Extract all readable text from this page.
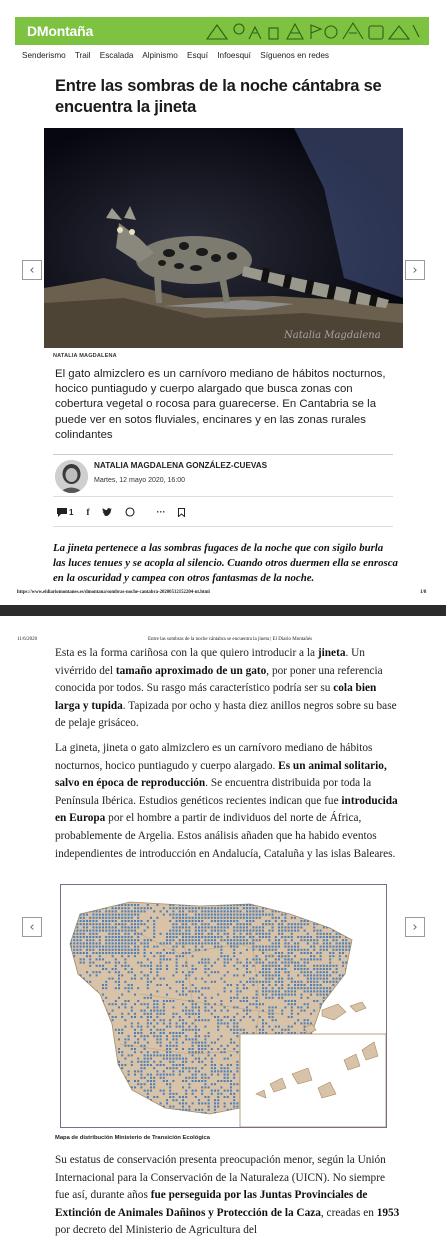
DMontaña
Senderismo Trail Escalada Alpinismo Esquí Infoesquí Síguenos en redes
Entre las sombras de la noche cántabra se encuentra la jineta
Natalia Magdalena
‹	›
NATALIA MAGDALENA

El gato almizclero es un carnívoro mediano de hábitos nocturnos, hocico puntiagudo y cuerpo alargado que busca zonas con cobertura vegetal o rocosa para guarecerse. En Cantabria se la puede ver en sotos fluviales, encinares y en las zonas rurales colindantes

NATALIA MAGDALENA GONZÁLEZ-CUEVAS
Martes, 12 mayo 2020, 16:00
1 f	···

La jineta pertenece a las sombras fugaces de la noche que con sigilo burla las luces tenues y se acopla al silencio. Cuando otros duermen ella se enrosca en la oscuridad y campea con otros fantasmas de la noche.

https://www.eldiariomontanes.es/dmontana/sombras-noche-cantabra-20200512152204-nt.html	1/8
11/6/2020	Entre las sombras de la noche cántabra se encuentra la jineta | El Diario Montañés

Esta es la forma cariñosa con la que quiero introducir a la jineta. Un vivérrido del tamaño aproximado de un gato, por poner una referencia conocida por todos. Su rasgo más característico podría ser su cola bien larga y tupida. Tapizada por ocho y hasta diez anillos negros sobre su base de pelaje grisáceo.

La gineta, jineta o gato almizclero es un carnívoro mediano de hábitos nocturnos, hocico puntiagudo y cuerpo alargado. Es un animal solitario, salvo en época de reproducción. Se encuentra distribuida por toda la Península Ibérica. Estudios genéticos recientes indican que fue introducida en Europa por el hombre a partir de individuos del norte de África, probablemente de Argelia. Estos análisis añaden que ha habido eventos independientes de introducción en Andalucía, Cataluña y las islas Baleares.

‹	›
Mapa de distribución Ministerio de Transición Ecológica

Su estatus de conservación presenta preocupación menor, según la Unión Internacional para la Conservación de la Naturaleza (UICN). No siempre fue así, durante años fue perseguida por las Juntas Provinciales de Extinción de Animales Dañinos y Protección de la Caza, creadas en 1953 por decreto del Ministerio de Agricultura del
